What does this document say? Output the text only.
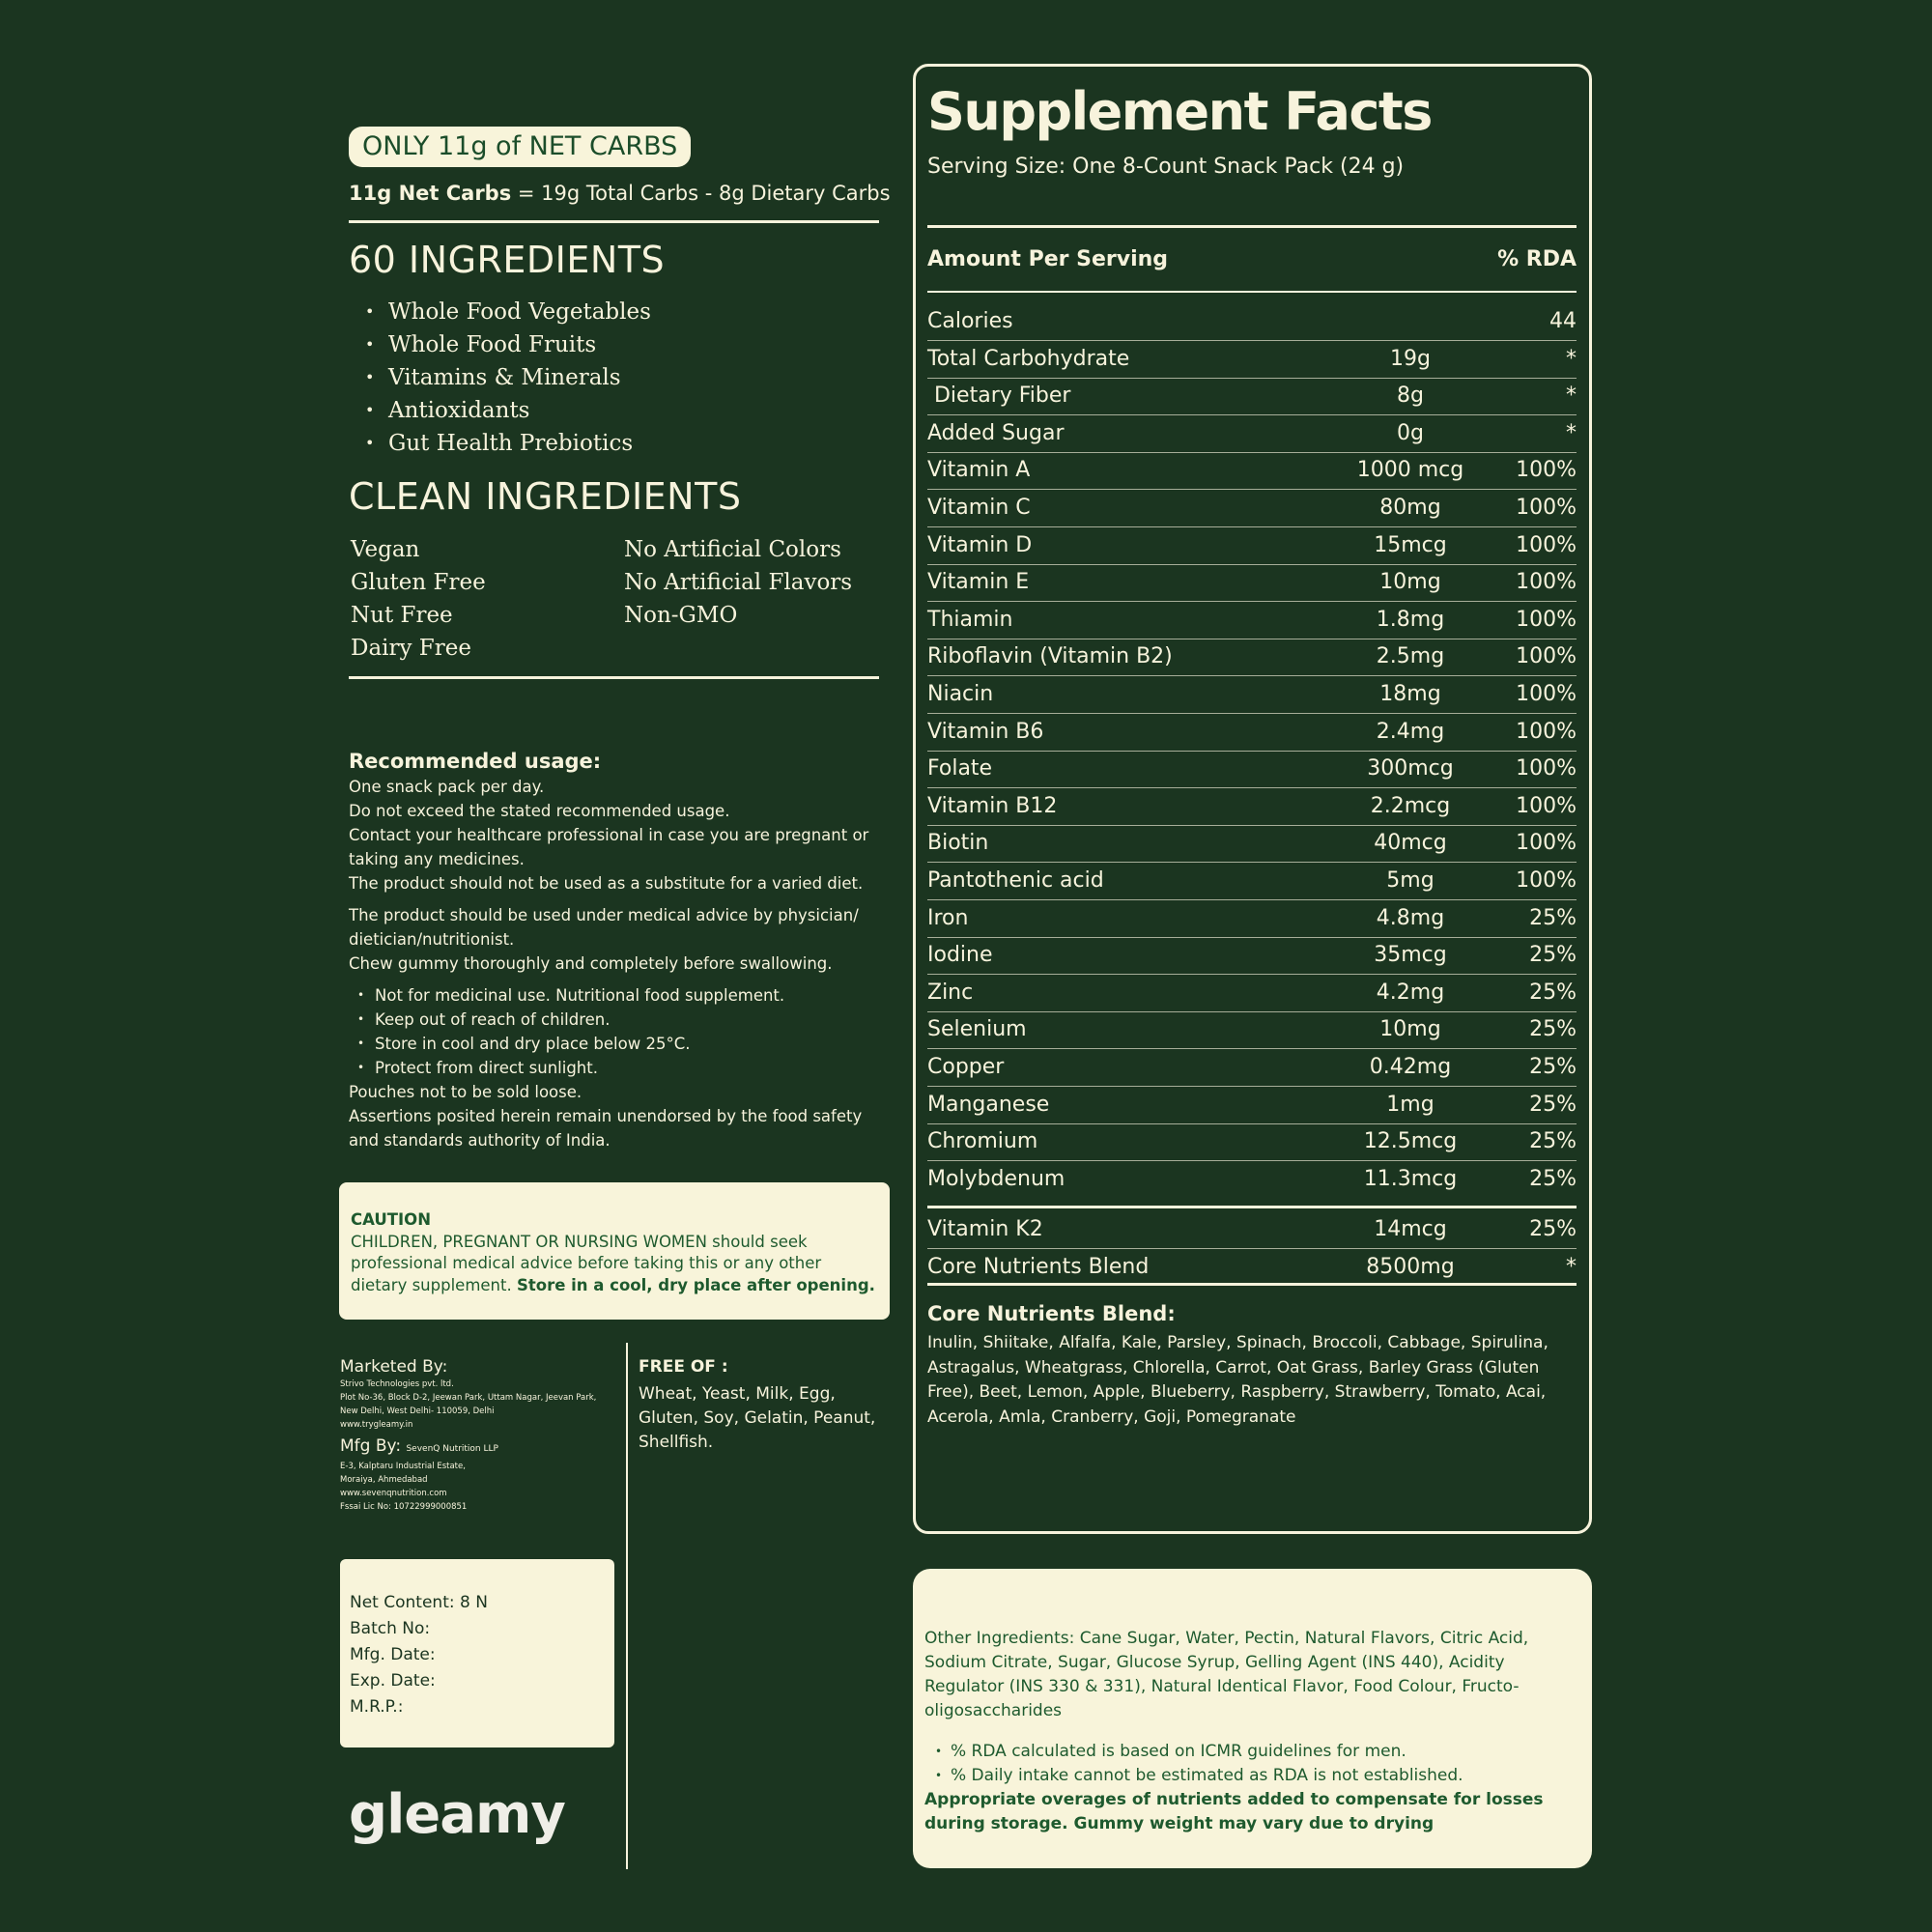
ONLY 11g of NET CARBS
11g Net Carbs = 19g Total Carbs - 8g Dietary Carbs
60 INGREDIENTS
• Whole Food Vegetables
• Whole Food Fruits
• Vitamins & Minerals
• Antioxidants
• Gut Health Prebiotics
CLEAN INGREDIENTS
Vegan
Gluten Free
Nut Free
Dairy Free
No Artificial Colors
No Artificial Flavors
Non-GMO
Recommended usage:

One snack pack per day.

Do not exceed the stated recommended usage.

Contact your healthcare professional in case you are pregnant or taking any medicines.

The product should not be used as a substitute for a varied diet.

The product should be used under medical advice by physician/ dietician/nutritionist.

Chew gummy thoroughly and completely before swallowing.

• Not for medicinal use. Nutritional food supplement.
• Keep out of reach of children.
• Store in cool and dry place below 25°C.
• Protect from direct sunlight.

Pouches not to be sold loose.

Assertions posited herein remain unendorsed by the food safety and standards authority of India.

CAUTION
CHILDREN, PREGNANT OR NURSING WOMEN should seek professional medical advice before taking this or any other dietary supplement. Store in a cool, dry place after opening.
Marketed By:
Strivo Technologies pvt. ltd.
Plot No-36, Block D-2, Jeewan Park, Uttam Nagar, Jeevan Park,
New Delhi, West Delhi- 110059, Delhi
www.trygleamy.in
Mfg By: SevenQ Nutrition LLP
E-3, Kalptaru Industrial Estate,
Moraiya, Ahmedabad
www.sevenqnutrition.com
Fssai Lic No: 10722999000851
FREE OF :
Wheat, Yeast, Milk, Egg, Gluten, Soy, Gelatin, Peanut, Shellfish.
Net Content: 8 N
Batch No:
Mfg. Date:
Exp. Date:
M.R.P.:
gleamy
Supplement Facts
Serving Size: One 8-Count Snack Pack (24 g)
Amount Per Serving	% RDA
Calories	44
Total Carbohydrate	19g	*
Dietary Fiber	8g	*
Added Sugar	0g	*
Vitamin A	1000 mcg	100%
Vitamin C	80mg	100%
Vitamin D	15mcg	100%
Vitamin E	10mg	100%
Thiamin	1.8mg	100%
Riboflavin (Vitamin B2)	2.5mg	100%
Niacin	18mg	100%
Vitamin B6	2.4mg	100%
Folate	300mcg	100%
Vitamin B12	2.2mcg	100%
Biotin	40mcg	100%
Pantothenic acid	5mg	100%
Iron	4.8mg	25%
Iodine	35mcg	25%
Zinc	4.2mg	25%
Selenium	10mg	25%
Copper	0.42mg	25%
Manganese	1mg	25%
Chromium	12.5mcg	25%
Molybdenum	11.3mcg	25%
Vitamin K2	14mcg	25%
Core Nutrients Blend	8500mg	*
Core Nutrients Blend:
Inulin, Shiitake, Alfalfa, Kale, Parsley, Spinach, Broccoli, Cabbage, Spirulina, Astragalus, Wheatgrass, Chlorella, Carrot, Oat Grass, Barley Grass (Gluten Free), Beet, Lemon, Apple, Blueberry, Raspberry, Strawberry, Tomato, Acai, Acerola, Amla, Cranberry, Goji, Pomegranate
Other Ingredients: Cane Sugar, Water, Pectin, Natural Flavors, Citric Acid, Sodium Citrate, Sugar, Glucose Syrup, Gelling Agent (INS 440), Acidity Regulator (INS 330 & 331), Natural Identical Flavor, Food Colour, Fructo-oligosaccharides
• % RDA calculated is based on ICMR guidelines for men.
• % Daily intake cannot be estimated as RDA is not established.
Appropriate overages of nutrients added to compensate for losses during storage. Gummy weight may vary due to drying
